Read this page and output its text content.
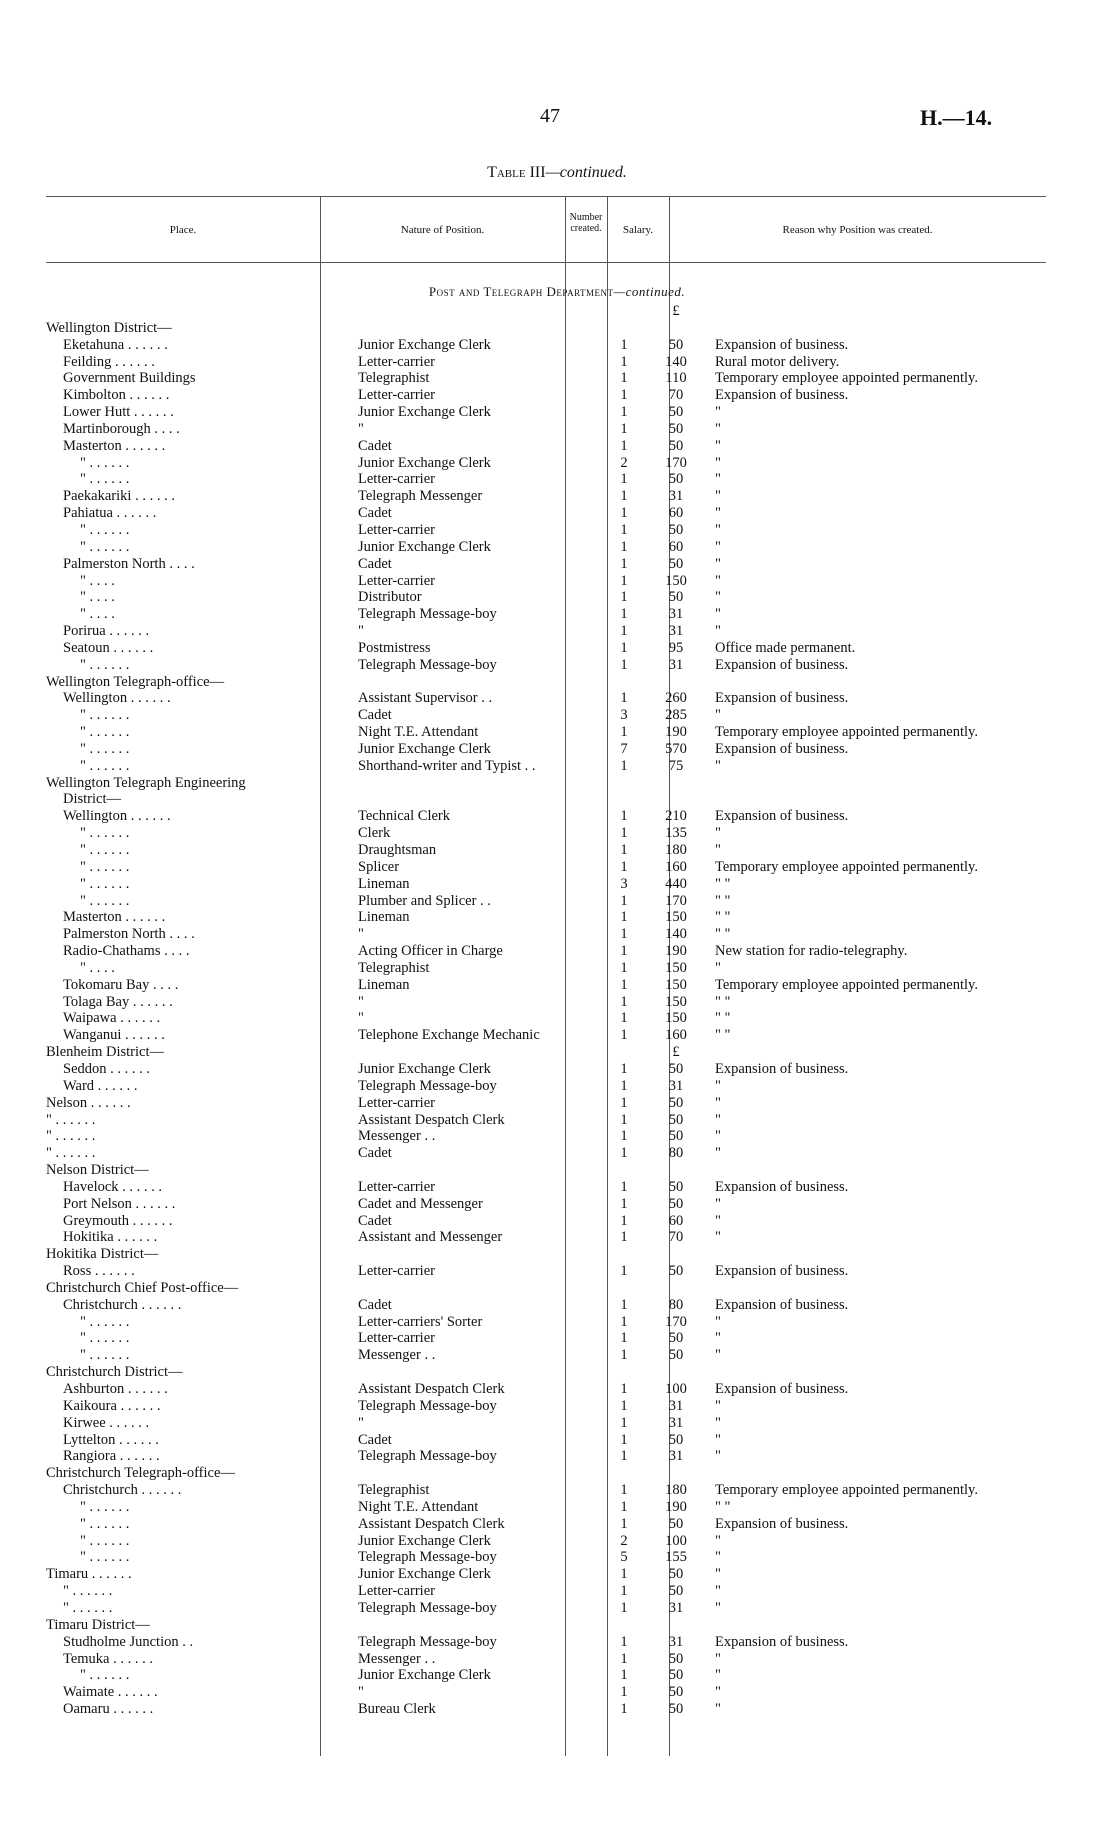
47	H.—14.
Table III—continued.
Place.	Nature of Position.
Number created.	Salary.	Reason why Position was created.
Post and Telegraph Department—continued.
			£	
Wellington District—				
Eketahuna . . . . . .	Junior Exchange Clerk	1	50	Expansion of business.
Feilding . . . . . .	Letter-carrier	1	140	Rural motor delivery.
Government Buildings	Telegraphist	1	110	Temporary employee appointed permanently.
Kimbolton . . . . . .	Letter-carrier	1	70	Expansion of business.
Lower Hutt . . . . . .	Junior Exchange Clerk	1	50	"
Martinborough . . . .	"	1	50	"
Masterton . . . . . .	Cadet	1	50	"
" . . . . . .	Junior Exchange Clerk	2	170	"
" . . . . . .	Letter-carrier	1	50	"
Paekakariki . . . . . .	Telegraph Messenger	1	31	"
Pahiatua . . . . . .	Cadet	1	60	"
" . . . . . .	Letter-carrier	1	50	"
" . . . . . .	Junior Exchange Clerk	1	60	"
Palmerston North . . . .	Cadet	1	50	"
" . . . .	Letter-carrier	1	150	"
" . . . .	Distributor	1	50	"
" . . . .	Telegraph Message-boy	1	31	"
Porirua . . . . . .	"	1	31	"
Seatoun . . . . . .	Postmistress	1	95	Office made permanent.
" . . . . . .	Telegraph Message-boy	1	31	Expansion of business.
Wellington Telegraph-office—				
Wellington . . . . . .	Assistant Supervisor . .	1	260	Expansion of business.
" . . . . . .	Cadet	3	285	"
" . . . . . .	Night T.E. Attendant	1	190	Temporary employee appointed permanently.
" . . . . . .	Junior Exchange Clerk	7	570	Expansion of business.
" . . . . . .	Shorthand-writer and Typist . .	1	75	"
Wellington Telegraph Engineering				
District—				
Wellington . . . . . .	Technical Clerk	1	210	Expansion of business.
" . . . . . .	Clerk	1	135	"
" . . . . . .	Draughtsman	1	180	"
" . . . . . .	Splicer	1	160	Temporary employee appointed permanently.
" . . . . . .	Lineman	3	440	" "
" . . . . . .	Plumber and Splicer . .	1	170	" "
Masterton . . . . . .	Lineman	1	150	" "
Palmerston North . . . .	"	1	140	" "
Radio-Chathams . . . .	Acting Officer in Charge	1	190	New station for radio-telegraphy.
" . . . .	Telegraphist	1	150	"
Tokomaru Bay . . . .	Lineman	1	150	Temporary employee appointed permanently.
Tolaga Bay . . . . . .	"	1	150	" "
Waipawa . . . . . .	"	1	150	" "
Wanganui . . . . . .	Telephone Exchange Mechanic	1	160	" "
Blenheim District—			£	
Seddon . . . . . .	Junior Exchange Clerk	1	50	Expansion of business.
Ward . . . . . .	Telegraph Message-boy	1	31	"
Nelson . . . . . .	Letter-carrier	1	50	"
" . . . . . .	Assistant Despatch Clerk	1	50	"
" . . . . . .	Messenger . .	1	50	"
" . . . . . .	Cadet	1	80	"
Nelson District—				
Havelock . . . . . .	Letter-carrier	1	50	Expansion of business.
Port Nelson . . . . . .	Cadet and Messenger	1	50	"
Greymouth . . . . . .	Cadet	1	60	"
Hokitika . . . . . .	Assistant and Messenger	1	70	"
Hokitika District—				
Ross . . . . . .	Letter-carrier	1	50	Expansion of business.
Christchurch Chief Post-office—				
Christchurch . . . . . .	Cadet	1	80	Expansion of business.
" . . . . . .	Letter-carriers' Sorter	1	170	"
" . . . . . .	Letter-carrier	1	50	"
" . . . . . .	Messenger . .	1	50	"
Christchurch District—				
Ashburton . . . . . .	Assistant Despatch Clerk	1	100	Expansion of business.
Kaikoura . . . . . .	Telegraph Message-boy	1	31	"
Kirwee . . . . . .	"	1	31	"
Lyttelton . . . . . .	Cadet	1	50	"
Rangiora . . . . . .	Telegraph Message-boy	1	31	"
Christchurch Telegraph-office—				
Christchurch . . . . . .	Telegraphist	1	180	Temporary employee appointed permanently.
" . . . . . .	Night T.E. Attendant	1	190	" "
" . . . . . .	Assistant Despatch Clerk	1	50	Expansion of business.
" . . . . . .	Junior Exchange Clerk	2	100	"
" . . . . . .	Telegraph Message-boy	5	155	"
Timaru . . . . . .	Junior Exchange Clerk	1	50	"
" . . . . . .	Letter-carrier	1	50	"
" . . . . . .	Telegraph Message-boy	1	31	"
Timaru District—				
Studholme Junction . .	Telegraph Message-boy	1	31	Expansion of business.
Temuka . . . . . .	Messenger . .	1	50	"
" . . . . . .	Junior Exchange Clerk	1	50	"
Waimate . . . . . .	"	1	50	"
Oamaru . . . . . .	Bureau Clerk	1	50	"
